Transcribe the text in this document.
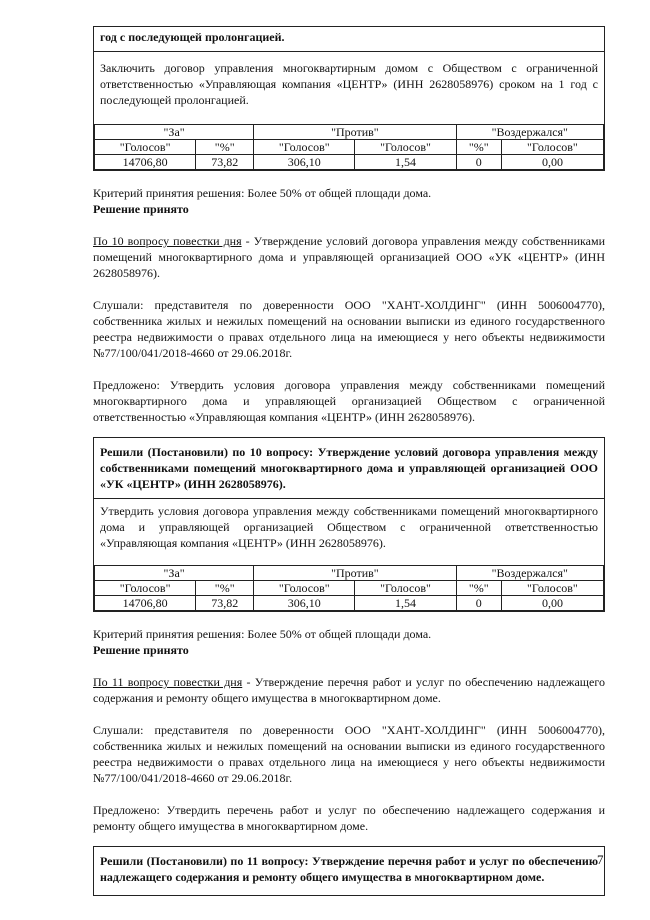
год с последующей пролонгацией.
Заключить договор управления многоквартирным домом с Обществом с ограниченной ответственностью «Управляющая компания «ЦЕНТР» (ИНН 2628058976) сроком на 1 год с последующей пролонгацией.
"За"		"Против"		"Воздержался"	
"Голосов"	"%"	"Голосов"	"Голосов"	"%"	"Голосов"
14706,80	73,82	306,10	1,54	0	0,00

Критерий принятия решения: Более 50% от общей площади дома.

Решение принято

По 10 вопросу повестки дня - Утверждение условий договора управления между собственниками помещений многоквартирного дома и управляющей организацией ООО «УК «ЦЕНТР» (ИНН 2628058976).

Слушали: представителя по доверенности ООО "ХАНТ-ХОЛДИНГ" (ИНН 5006004770), собственника жилых и нежилых помещений на основании выписки из единого государственного реестра недвижимости о правах отдельного лица на имеющиеся у него объекты недвижимости №77/100/041/2018-4660 от 29.06.2018г.

Предложено: Утвердить условия договора управления между собственниками помещений многоквартирного дома и управляющей организацией Обществом с ограниченной ответственностью «Управляющая компания «ЦЕНТР» (ИНН 2628058976).

Решили (Постановили) по 10 вопросу: Утверждение условий договора управления между собственниками помещений многоквартирного дома и управляющей организацией ООО «УК «ЦЕНТР» (ИНН 2628058976).
Утвердить условия договора управления между собственниками помещений многоквартирного дома и управляющей организацией Обществом с ограниченной ответственностью «Управляющая компания «ЦЕНТР» (ИНН 2628058976).
"За"		"Против"		"Воздержался"	
"Голосов"	"%"	"Голосов"	"Голосов"	"%"	"Голосов"
14706,80	73,82	306,10	1,54	0	0,00

Критерий принятия решения: Более 50% от общей площади дома.

Решение принято

По 11 вопросу повестки дня - Утверждение перечня работ и услуг по обеспечению надлежащего содержания и ремонту общего имущества в многоквартирном доме.

Слушали: представителя по доверенности ООО "ХАНТ-ХОЛДИНГ" (ИНН 5006004770), собственника жилых и нежилых помещений на основании выписки из единого государственного реестра недвижимости о правах отдельного лица на имеющиеся у него объекты недвижимости №77/100/041/2018-4660 от 29.06.2018г.

Предложено: Утвердить перечень работ и услуг по обеспечению надлежащего содержания и ремонту общего имущества в многоквартирном доме.

Решили (Постановили) по 11 вопросу: Утверждение перечня работ и услуг по обеспечению надлежащего содержания и ремонту общего имущества в многоквартирном доме.
7
